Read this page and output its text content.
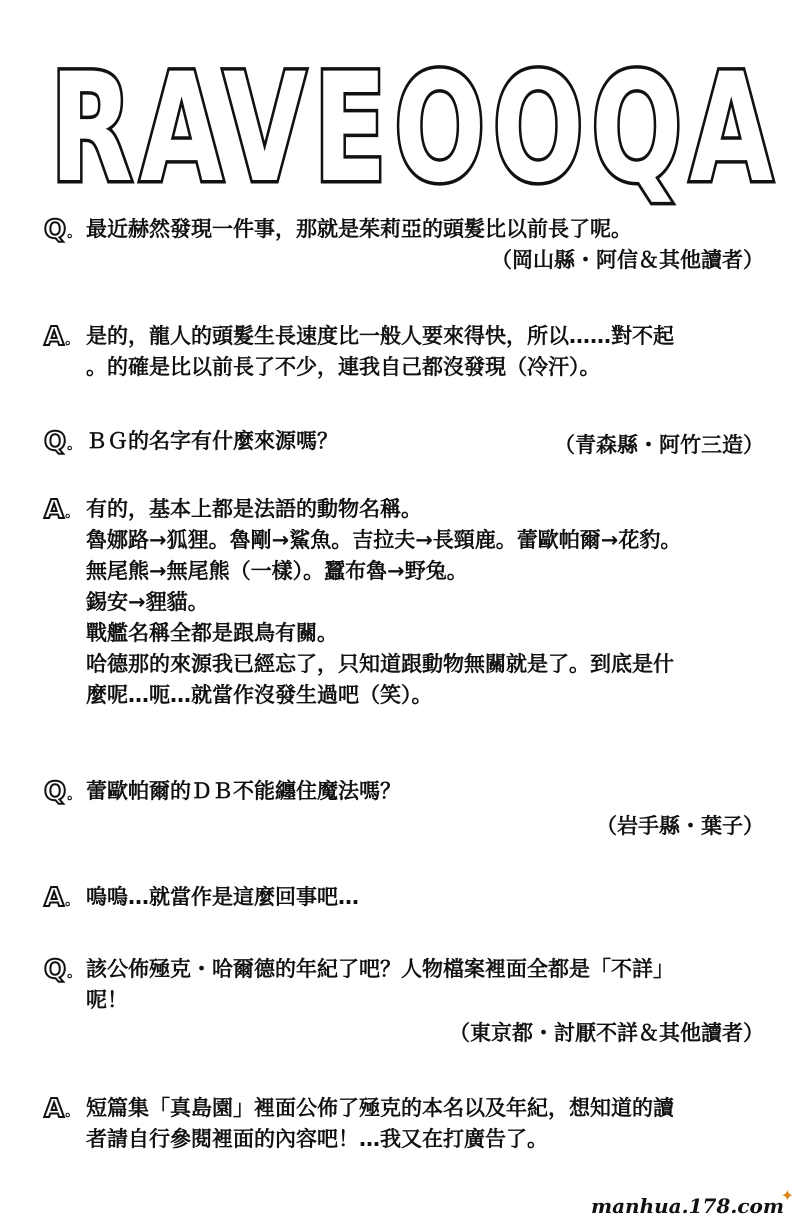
RAVEOOQA
Q 。 最近赫然發現一件事，那就是茱莉亞的頭髮比以前長了呢。
（岡山縣・阿信＆其他讀者）
A 。 是的，龍人的頭髮生長速度比一般人要來得快，所以……對不起
。的確是比以前長了不少，連我自己都沒發現（冷汗）。
Q 。 ＢＧ的名字有什麼來源嗎？	（青森縣・阿竹三造）
A 。 有的，基本上都是法語的動物名稱。
魯娜路→狐狸。魯剛→鯊魚。吉拉夫→長頸鹿。蕾歐帕爾→花豹。
無尾熊→無尾熊（一樣）。蠶布魯→野兔。
錫安→貍貓。
戰艦名稱全都是跟鳥有關。
哈德那的來源我已經忘了，只知道跟動物無關就是了。到底是什
麼呢…呃…就當作沒發生過吧（笑）。
Q 。 蕾歐帕爾的ＤＢ不能纏住魔法嗎？
（岩手縣・葉子）
A 。 嗚嗚…就當作是這麼回事吧…
Q 。 該公佈殛克・哈爾德的年紀了吧？人物檔案裡面全都是「不詳」
呢！
（東京都・討厭不詳＆其他讀者）
A 。 短篇集「真島園」裡面公佈了殛克的本名以及年紀，想知道的讀
者請自行參閱裡面的內容吧！…我又在打廣告了。
manhua.178.com
✦
